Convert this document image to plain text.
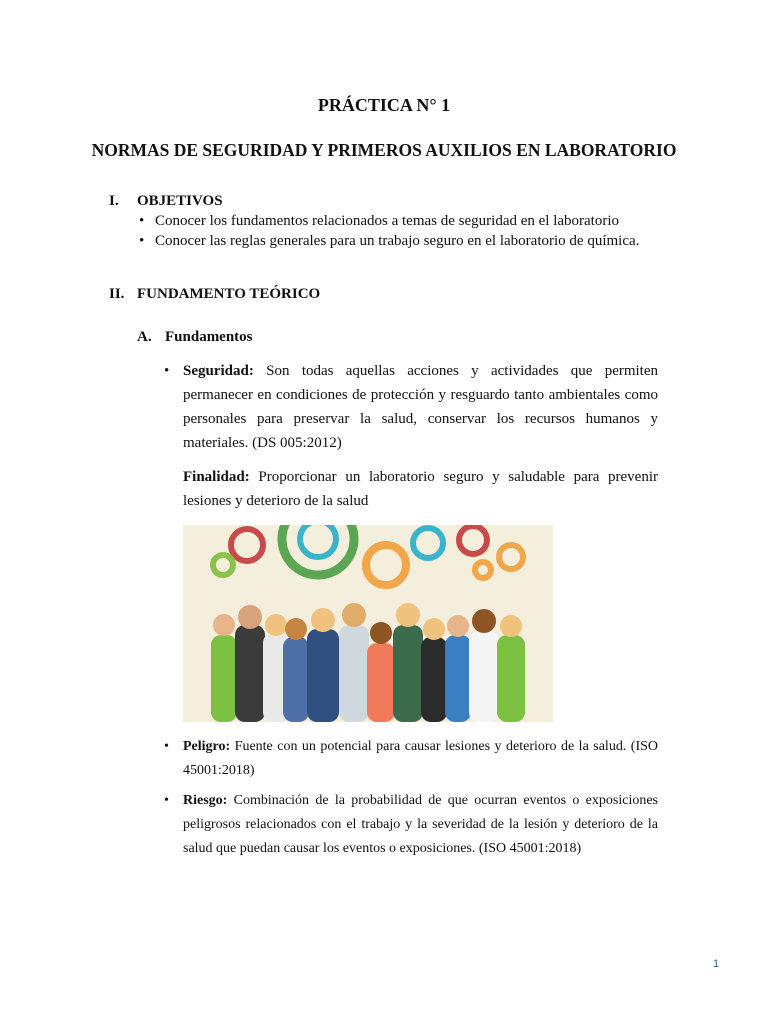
PRÁCTICA N° 1
NORMAS DE SEGURIDAD Y PRIMEROS AUXILIOS EN LABORATORIO
I. OBJETIVOS
• Conocer los fundamentos relacionados a temas de seguridad en el laboratorio
• Conocer las reglas generales para un trabajo seguro en el laboratorio de química.
II. FUNDAMENTO TEÓRICO
A. Fundamentos
• Seguridad: Son todas aquellas acciones y actividades que permiten permanecer en condiciones de protección y resguardo tanto ambientales como personales para preservar la salud, conservar los recursos humanos y materiales. (DS 005:2012)
Finalidad: Proporcionar un laboratorio seguro y saludable para prevenir lesiones y deterioro de la salud
• Peligro: Fuente con un potencial para causar lesiones y deterioro de la salud. (ISO 45001:2018)
• Riesgo: Combinación de la probabilidad de que ocurran eventos o exposiciones peligrosos relacionados con el trabajo y la severidad de la lesión y deterioro de la salud que puedan causar los eventos o exposiciones. (ISO 45001:2018)
1
